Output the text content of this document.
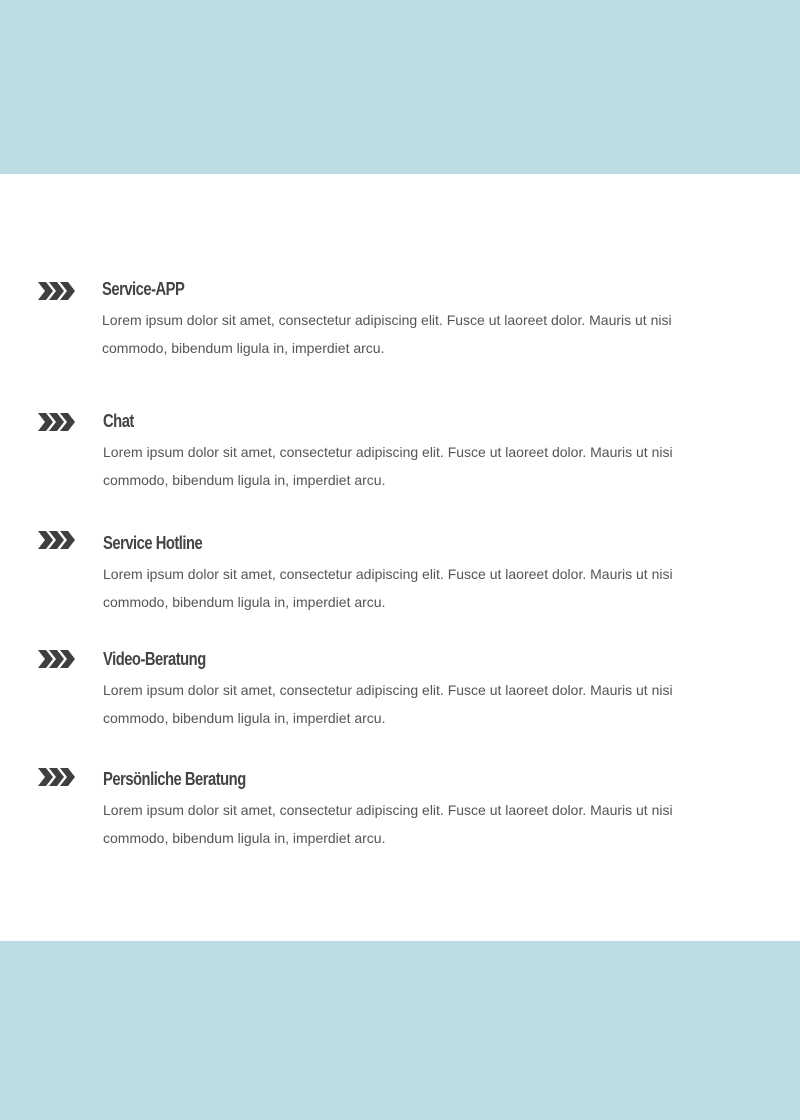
Service-APP

Lorem ipsum dolor sit amet, consectetur adipiscing elit. Fusce ut laoreet dolor. Mauris ut nisi commodo, bibendum ligula in, imperdiet arcu.

Chat

Lorem ipsum dolor sit amet, consectetur adipiscing elit. Fusce ut laoreet dolor. Mauris ut nisi commodo, bibendum ligula in, imperdiet arcu.

Service Hotline

Lorem ipsum dolor sit amet, consectetur adipiscing elit. Fusce ut laoreet dolor. Mauris ut nisi commodo, bibendum ligula in, imperdiet arcu.

Video-Beratung

Lorem ipsum dolor sit amet, consectetur adipiscing elit. Fusce ut laoreet dolor. Mauris ut nisi commodo, bibendum ligula in, imperdiet arcu.

Persönliche Beratung

Lorem ipsum dolor sit amet, consectetur adipiscing elit. Fusce ut laoreet dolor. Mauris ut nisi commodo, bibendum ligula in, imperdiet arcu.
